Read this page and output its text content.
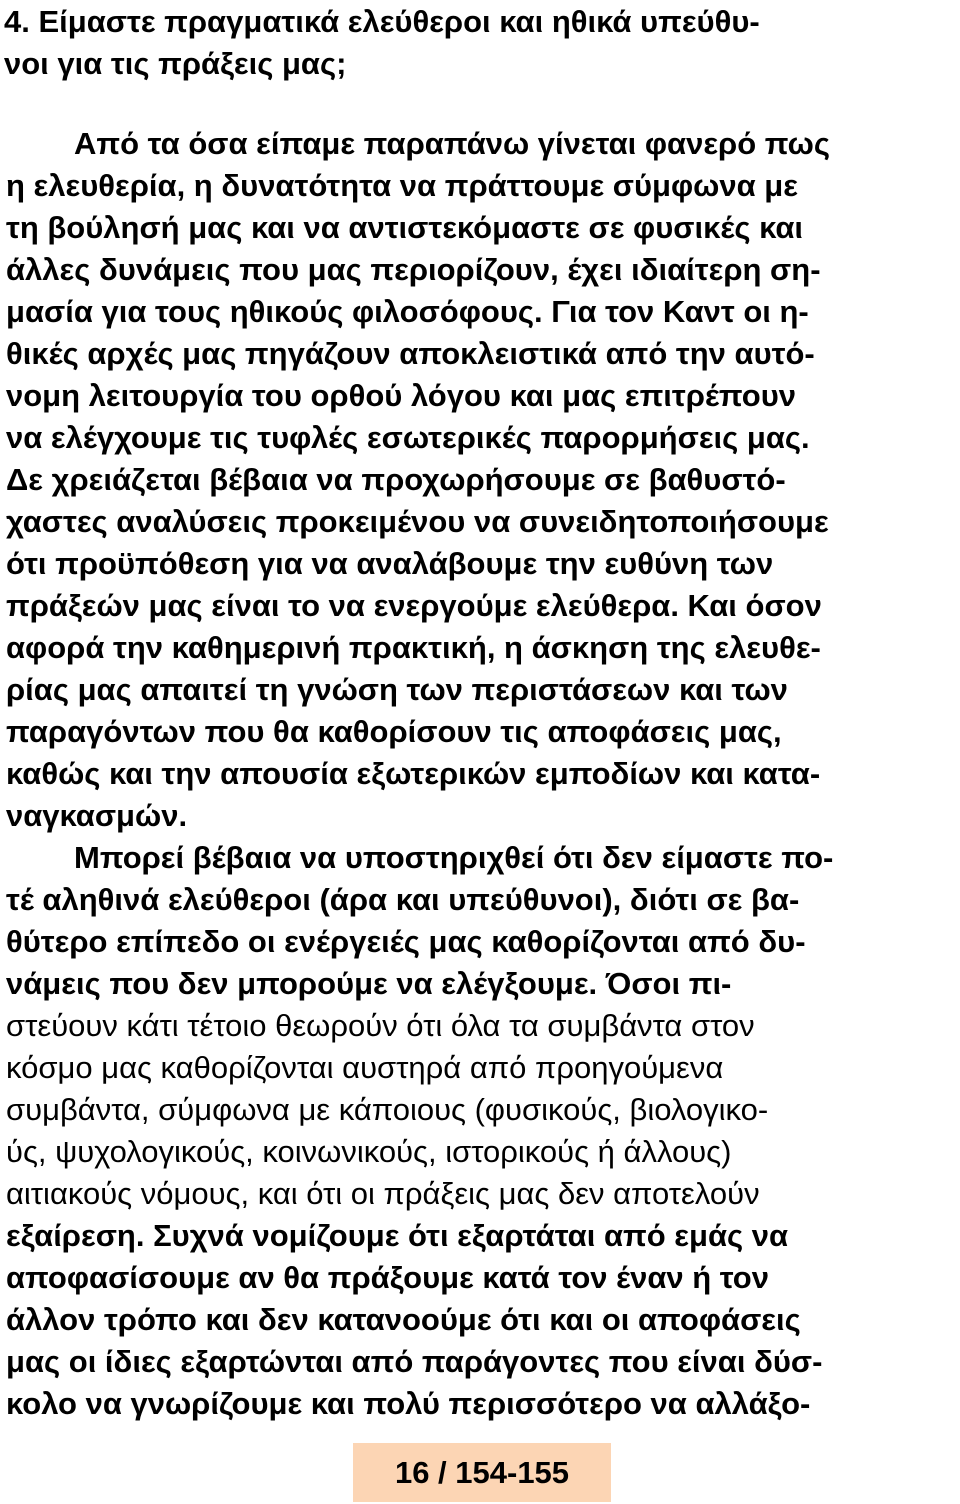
4. Είμαστε πραγματικά ελεύθεροι και ηθικά υπεύθυ-
νοι για τις πράξεις μας;
Από τα όσα είπαμε παραπάνω γίνεται φανερό πως
η ελευθερία, η δυνατότητα να πράττουμε σύμφωνα με
τη βούλησή μας και να αντιστεκόμαστε σε φυσικές και
άλλες δυνάμεις που μας περιορίζουν, έχει ιδιαίτερη ση-
μασία για τους ηθικούς φιλοσόφους. Για τον Καντ οι η-
θικές αρχές μας πηγάζουν αποκλειστικά από την αυτό-
νομη λειτουργία του ορθού λόγου και μας επιτρέπουν
να ελέγχουμε τις τυφλές εσωτερικές παρορμήσεις μας.
Δε χρειάζεται βέβαια να προχωρήσουμε σε βαθυστό-
χαστες αναλύσεις προκειμένου να συνειδητοποιήσουμε
ότι προϋπόθεση για να αναλάβουμε την ευθύνη των
πράξεών μας είναι το να ενεργούμε ελεύθερα. Και όσον
αφορά την καθημερινή πρακτική, η άσκηση της ελευθε-
ρίας μας απαιτεί τη γνώση των περιστάσεων και των
παραγόντων που θα καθορίσουν τις αποφάσεις μας,
καθώς και την απουσία εξωτερικών εμποδίων και κατα-
ναγκασμών.
Μπορεί βέβαια να υποστηριχθεί ότι δεν είμαστε πο-
τέ αληθινά ελεύθεροι (άρα και υπεύθυνοι), διότι σε βα-
θύτερο επίπεδο οι ενέργειές μας καθορίζονται από δυ-
νάμεις που δεν μπορούμε να ελέγξουμε. Όσοι πι-
στεύουν κάτι τέτοιο θεωρούν ότι όλα τα συμβάντα στον
κόσμο μας καθορίζονται αυστηρά από προηγούμενα
συμβάντα, σύμφωνα με κάποιους (φυσικούς, βιολογικο-
ύς, ψυχολογικούς, κοινωνικούς, ιστορικούς ή άλλους)
αιτιακούς νόμους, και ότι οι πράξεις μας δεν αποτελούν
εξαίρεση. Συχνά νομίζουμε ότι εξαρτάται από εμάς να
αποφασίσουμε αν θα πράξουμε κατά τον έναν ή τον
άλλον τρόπο και δεν κατανοούμε ότι και οι αποφάσεις
μας οι ίδιες εξαρτώνται από παράγοντες που είναι δύσ-
κολο να γνωρίζουμε και πολύ περισσότερο να αλλάξο-
16 / 154-155
